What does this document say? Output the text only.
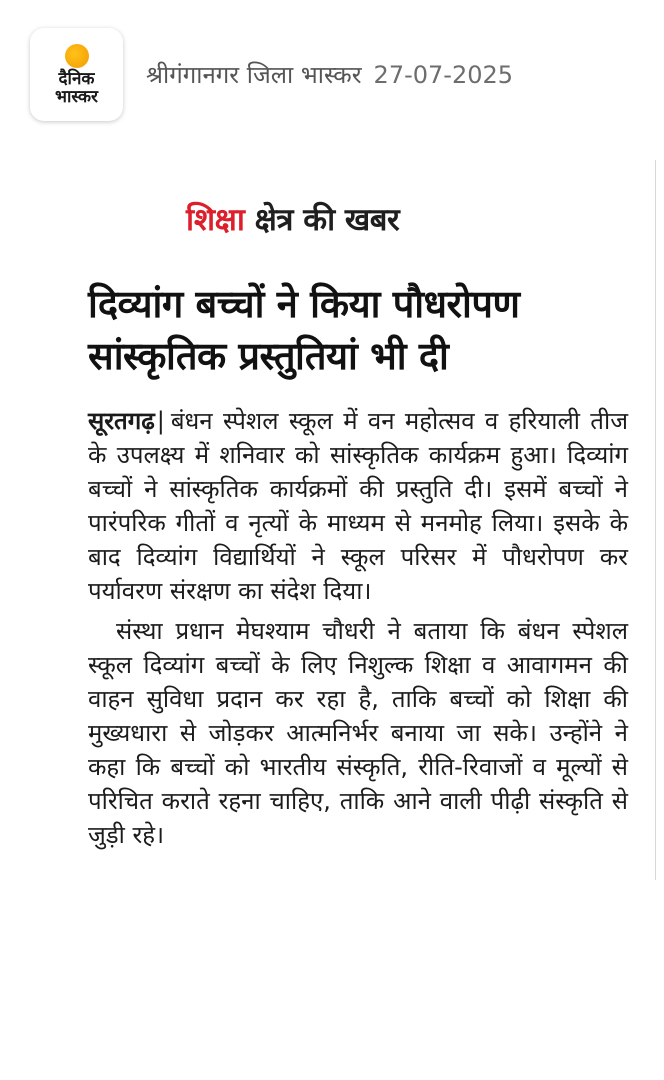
दैनिक
भास्कर
श्रीगंगानगर जिला भास्कर 27-07-2025
शिक्षा क्षेत्र की खबर
दिव्यांग बच्चों ने किया पौधरोपण
सांस्कृतिक प्रस्तुतियां भी दी

सूरतगढ़| बंधन स्पेशल स्कूल में वन महोत्सव व हरियाली तीज के उपलक्ष्य में शनिवार को सांस्कृतिक कार्यक्रम हुआ। दिव्यांग बच्चों ने सांस्कृतिक कार्यक्रमों की प्रस्तुति दी। इसमें बच्चों ने पारंपरिक गीतों व नृत्यों के माध्यम से मनमोह लिया। इसके के बाद दिव्यांग विद्यार्थियों ने स्कूल परिसर में पौधरोपण कर पर्यावरण संरक्षण का संदेश दिया।

संस्था प्रधान मेघश्याम चौधरी ने बताया कि बंधन स्पेशल स्कूल दिव्यांग बच्चों के लिए निशुल्क शिक्षा व आवागमन की वाहन सुविधा प्रदान कर रहा है, ताकि बच्चों को शिक्षा की मुख्यधारा से जोड़कर आत्मनिर्भर बनाया जा सके। उन्होंने ने कहा कि बच्चों को भारतीय संस्कृति, रीति-रिवाजों व मूल्यों से परिचित कराते रहना चाहिए, ताकि आने वाली पीढ़ी संस्कृति से जुड़ी रहे।
